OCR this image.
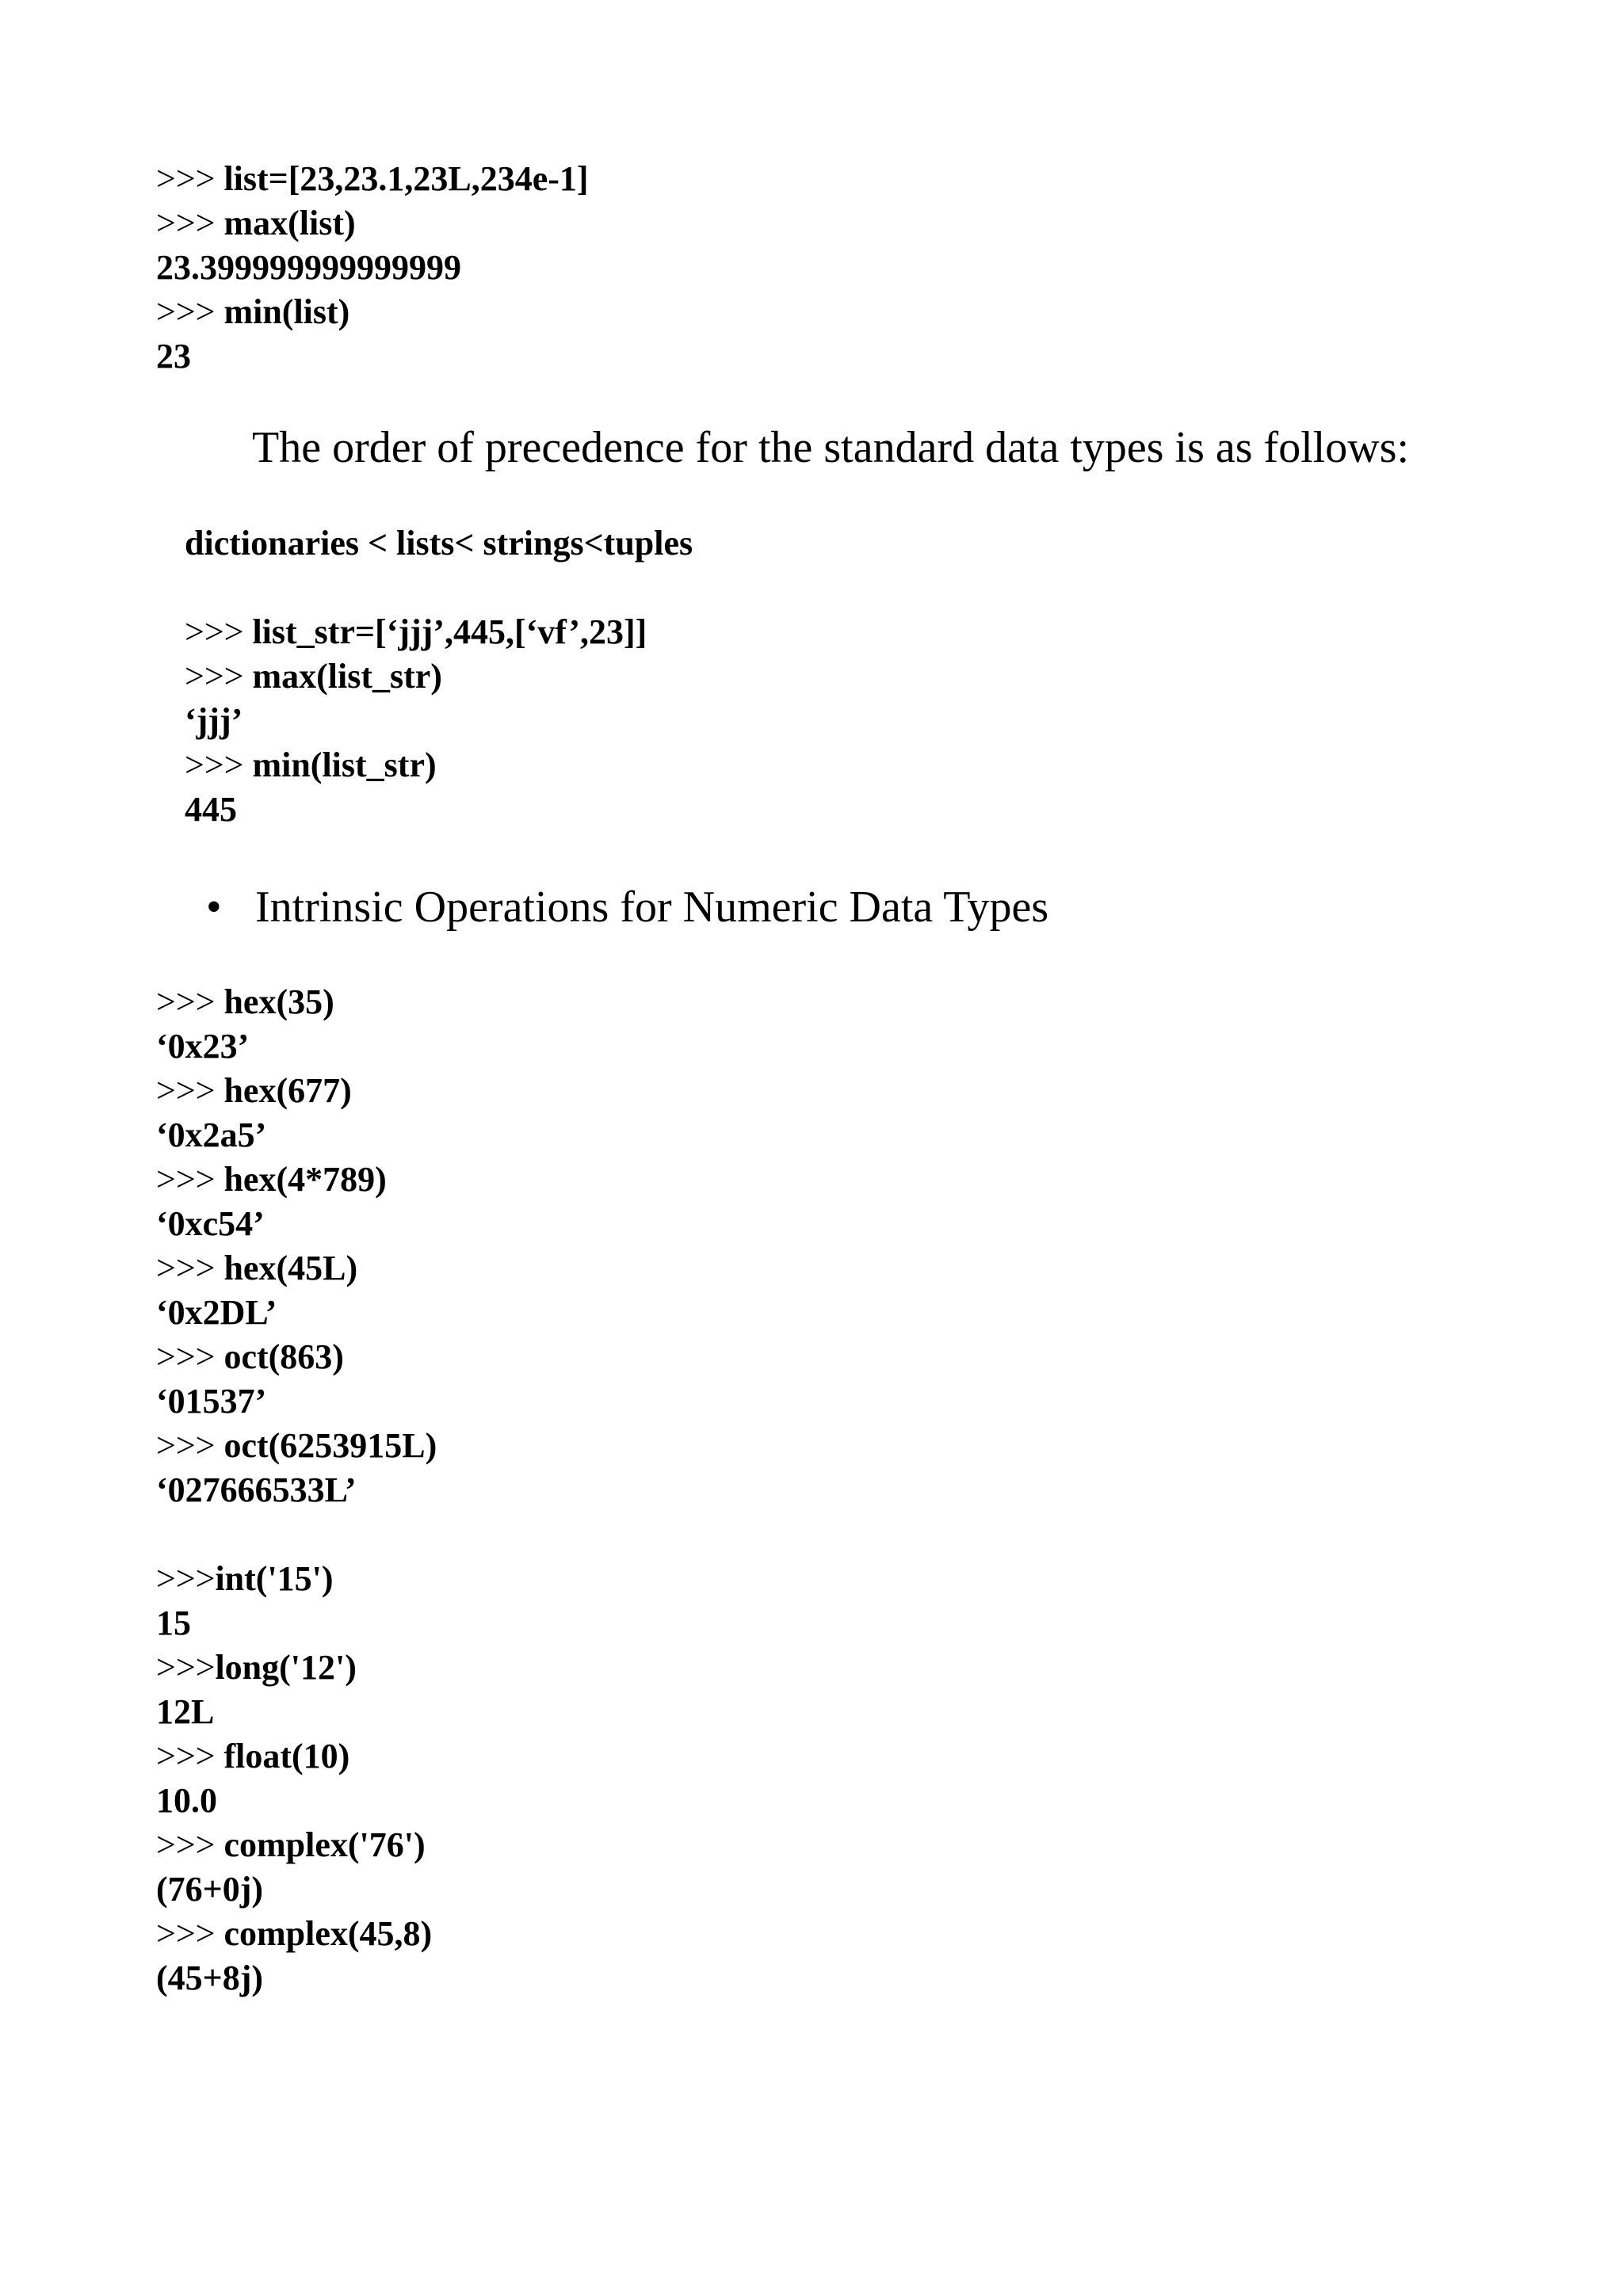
>>> list=[23,23.1,23L,234e-1]
>>> max(list)
23.399999999999999
>>> min(list)
23
The order of precedence for the standard data types is as follows:
dictionaries < lists< strings<tuples
>>> list_str=[‘jjj’,445,[‘vf’,23]]
>>> max(list_str)
‘jjj’
>>> min(list_str)
445
• Intrinsic Operations for Numeric Data Types
>>> hex(35)
‘0x23’
>>> hex(677)
‘0x2a5’
>>> hex(4*789)
‘0xc54’
>>> hex(45L)
‘0x2DL’
>>> oct(863)
‘01537’
>>> oct(6253915L)
‘027666533L’
>>>int('15')
15
>>>long('12')
12L
>>> float(10)
10.0
>>> complex('76')
(76+0j)
>>> complex(45,8)
(45+8j)
